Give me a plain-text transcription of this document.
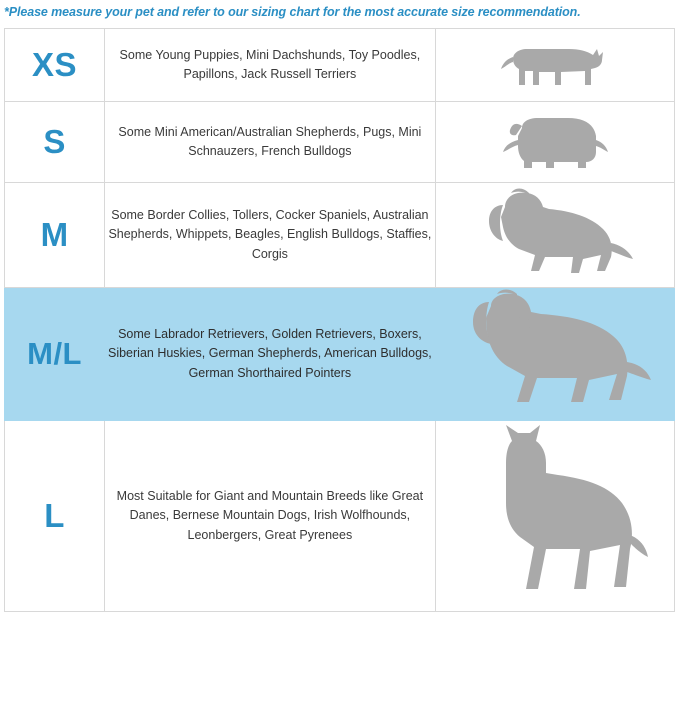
*Please measure your pet and refer to our sizing chart for the most accurate size recommendation.
XS	Some Young Puppies, Mini Dachshunds, Toy Poodles, Papillons, Jack Russell Terriers	

S	Some Mini American/Australian Shepherds, Pugs, Mini Schnauzers, French Bulldogs	

M	Some Border Collies, Tollers, Cocker Spaniels, Australian Shepherds, Whippets, Beagles, English Bulldogs, Staffies, Corgis	

M/L	Some Labrador Retrievers, Golden Retrievers, Boxers, Siberian Huskies, German Shepherds, American Bulldogs, German Shorthaired Pointers	

L	Most Suitable for Giant and Mountain Breeds like Great Danes, Bernese Mountain Dogs, Irish Wolfhounds, Leonbergers, Great Pyrenees	
